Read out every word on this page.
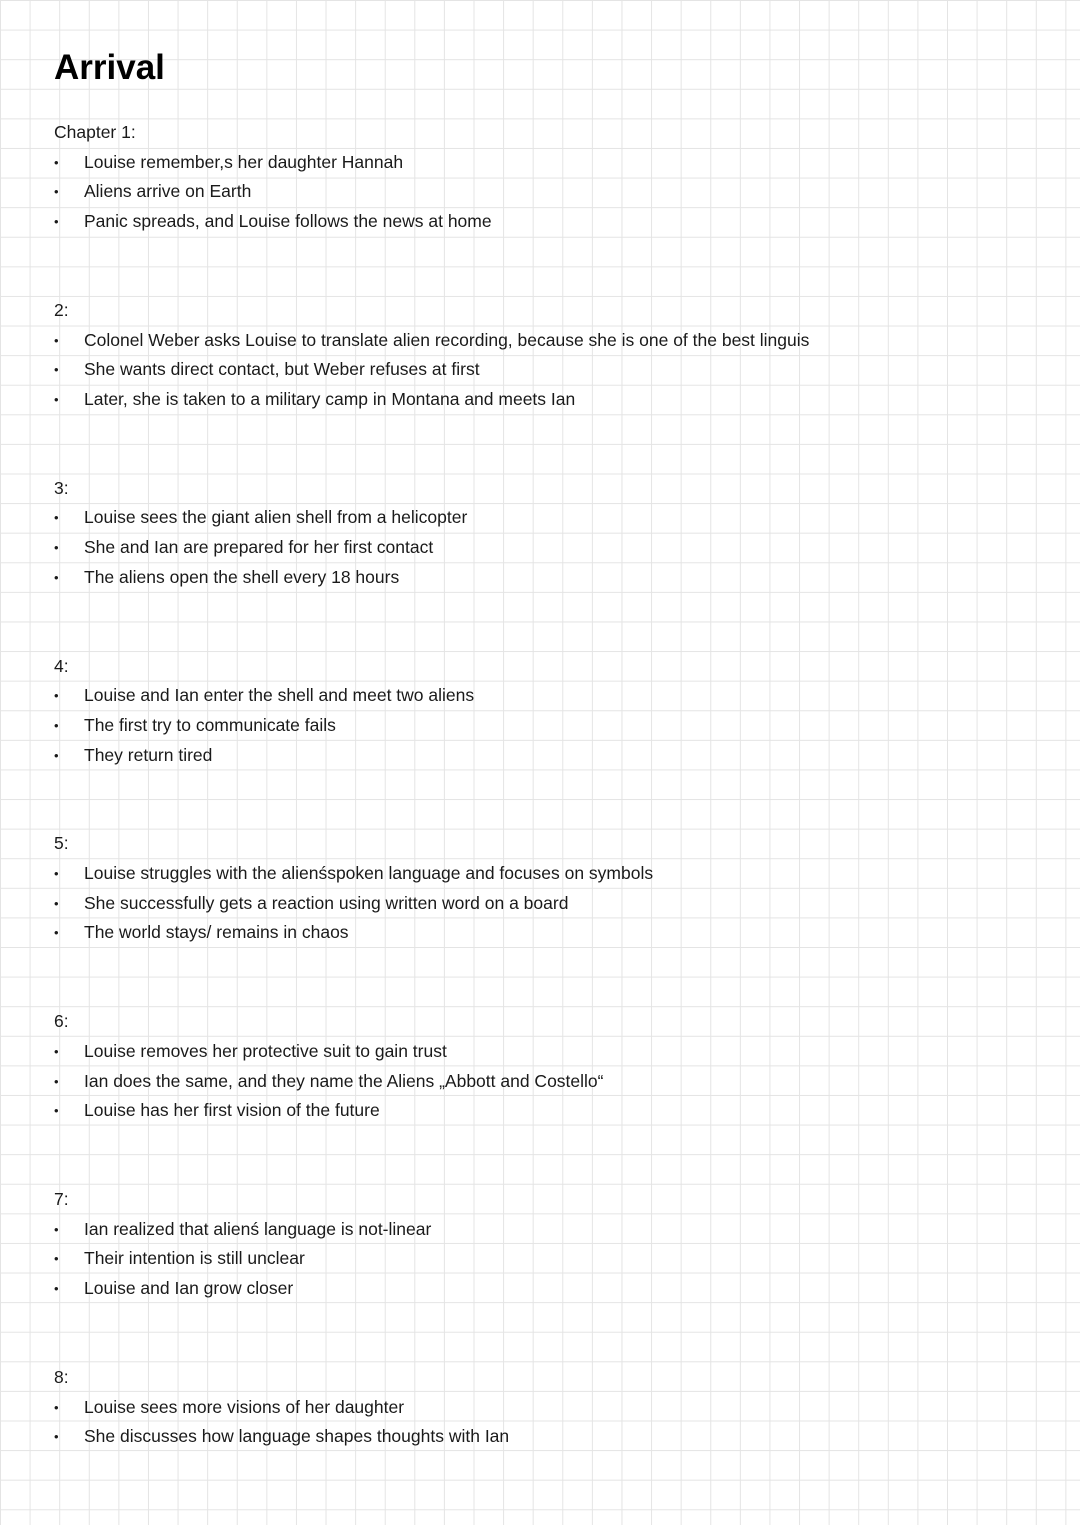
Arrival
Chapter 1:
• Louise remember,s her daughter Hannah
• Aliens arrive on Earth
• Panic spreads, and Louise follows the news at home
2:
• Colonel Weber asks Louise to translate alien recording, because she is one of the best linguis
• She wants direct contact, but Weber refuses at first
• Later, she is taken to a military camp in Montana and meets Ian
3:
• Louise sees the giant alien shell from a helicopter
• She and Ian are prepared for her first contact
• The aliens open the shell every 18 hours
4:
• Louise and Ian enter the shell and meet two aliens
• The first try to communicate fails
• They return tired
5:
• Louise struggles with the alienśspoken language and focuses on symbols
• She successfully gets a reaction using written word on a board
• The world stays/ remains in chaos
6:
• Louise removes her protective suit to gain trust
• Ian does the same, and they name the Aliens „Abbott and Costello“
• Louise has her first vision of the future
7:
• Ian realized that alienś language is not-linear
• Their intention is still unclear
• Louise and Ian grow closer
8:
• Louise sees more visions of her daughter
• She discusses how language shapes thoughts with Ian
